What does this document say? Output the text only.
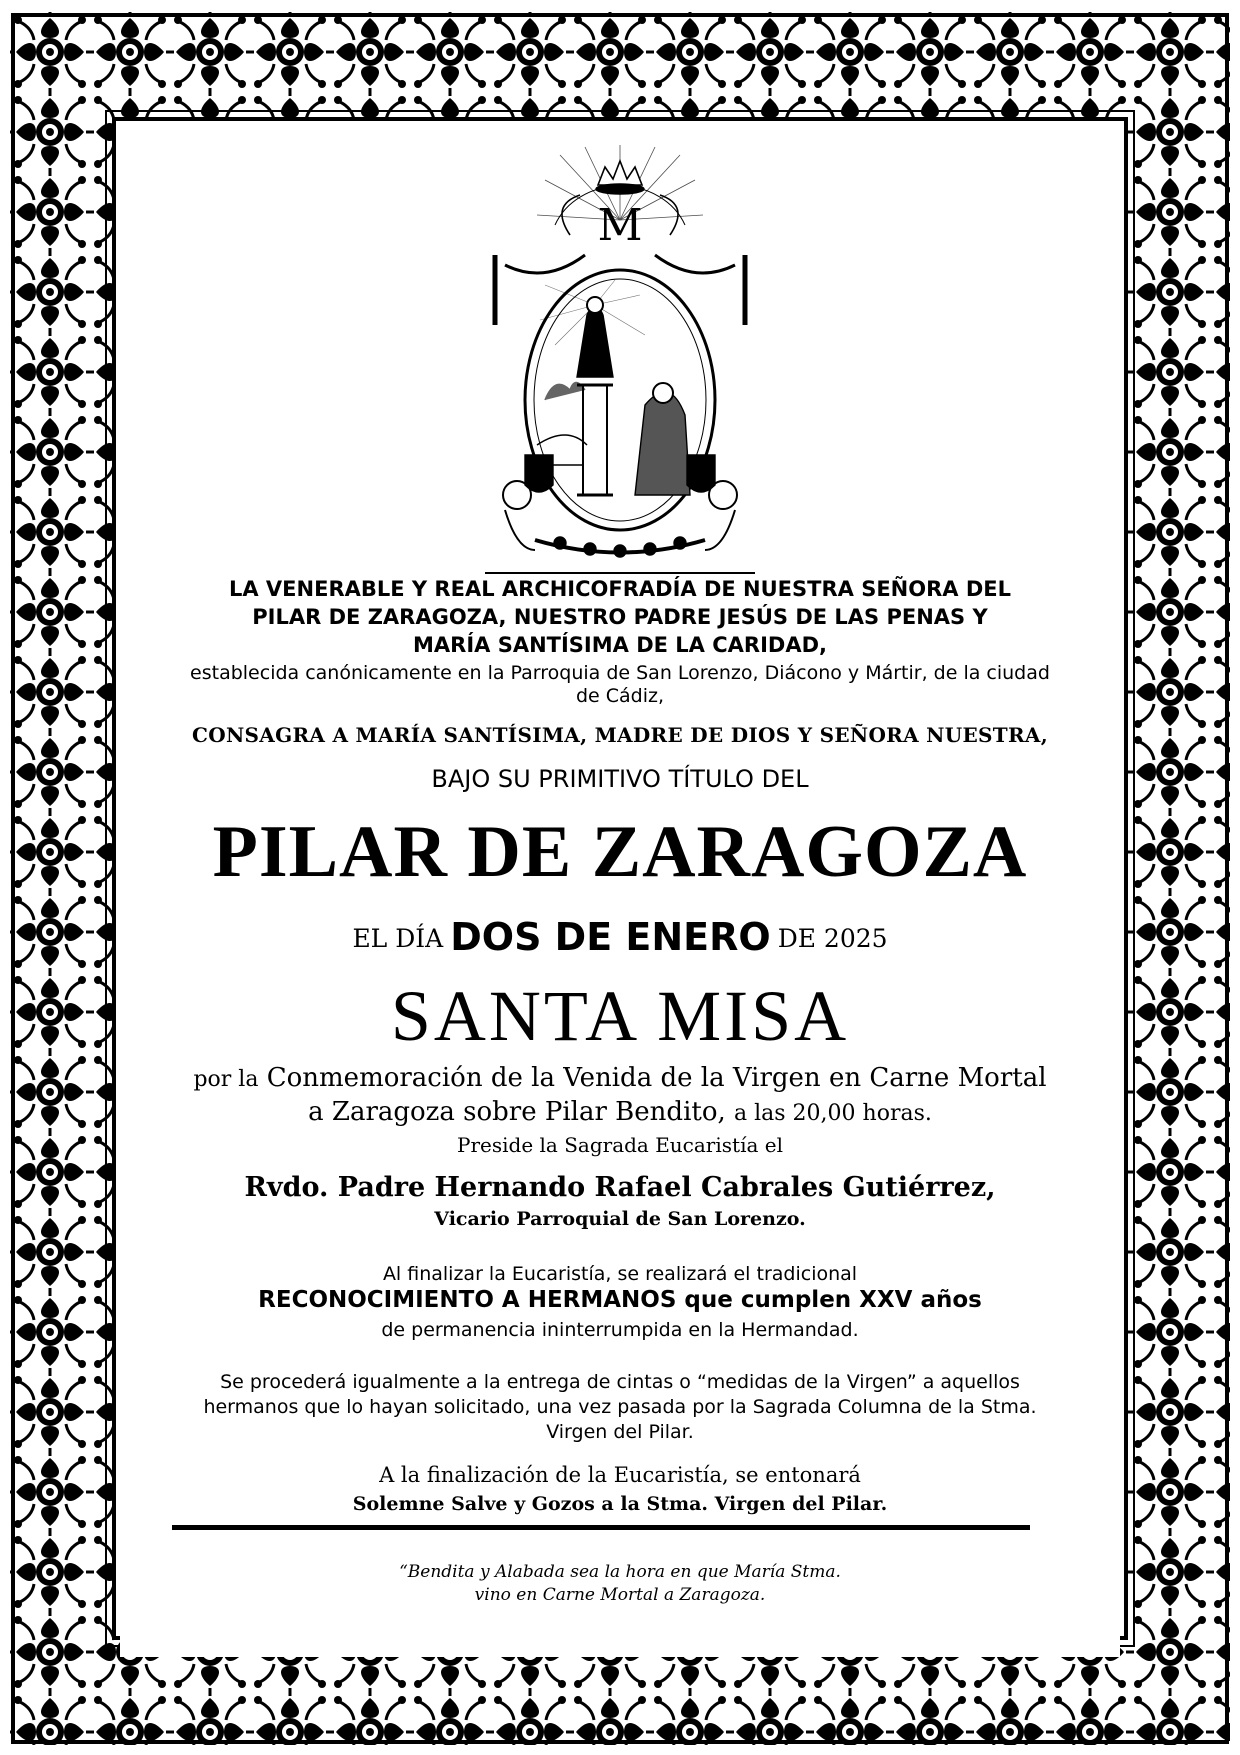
M
LA VENERABLE Y REAL ARCHICOFRADÍA DE NUESTRA SEÑORA DEL
PILAR DE ZARAGOZA, NUESTRO PADRE JESÚS DE LAS PENAS Y
MARÍA SANTÍSIMA DE LA CARIDAD,

establecida canónicamente en la Parroquia de San Lorenzo, Diácono y Mártir, de la ciudad de Cádiz,

CONSAGRA A MARÍA SANTÍSIMA, MADRE DE DIOS Y SEÑORA NUESTRA,

BAJO SU PRIMITIVO TÍTULO DEL

PILAR DE ZARAGOZA

EL DÍA DOS DE ENERO DE 2025

SANTA MISA

por la Conmemoración de la Venida de la Virgen en Carne Mortal a Zaragoza sobre Pilar Bendito, a las 20,00 horas.

Preside la Sagrada Eucaristía el

Rvdo. Padre Hernando Rafael Cabrales Gutiérrez,

Vicario Parroquial de San Lorenzo.

Al finalizar la Eucaristía, se realizará el tradicional

RECONOCIMIENTO A HERMANOS que cumplen XXV años

de permanencia ininterrumpida en la Hermandad.

Se procederá igualmente a la entrega de cintas o “medidas de la Virgen” a aquellos hermanos que lo hayan solicitado, una vez pasada por la Sagrada Columna de la Stma. Virgen del Pilar.

A la finalización de la Eucaristía, se entonará

Solemne Salve y Gozos a la Stma. Virgen del Pilar.

“Bendita y Alabada sea la hora en que María Stma.
vino en Carne Mortal a Zaragoza.
